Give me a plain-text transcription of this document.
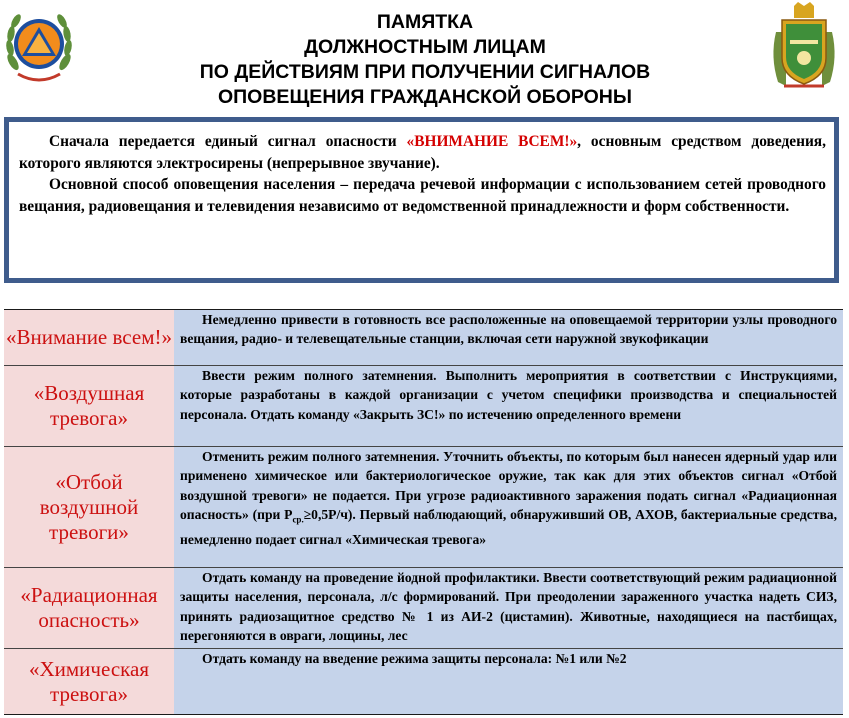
ПАМЯТКА
ДОЛЖНОСТНЫМ ЛИЦАМ
ПО ДЕЙСТВИЯМ ПРИ ПОЛУЧЕНИИ СИГНАЛОВ
ОПОВЕЩЕНИЯ ГРАЖДАНСКОЙ ОБОРОНЫ

Сначала передается единый сигнал опасности «ВНИМАНИЕ ВСЕМ!», основным средством доведения, которого являются электросирены (непрерывное звучание).

Основной способ оповещения населения – передача речевой информации с использованием сетей проводного вещания, радиовещания и телевидения независимо от ведомственной принадлежности и форм собственности.

«Внимание всем!»
Немедленно привести в готовность все расположенные на оповещаемой территории узлы проводного вещания, радио- и телевещательные станции, включая сети наружной звукофикации
«Воздушная тревога»
Ввести режим полного затемнения. Выполнить мероприятия в соответствии с Инструкциями, которые разработаны в каждой организации с учетом специфики производства и специальностей персонала. Отдать команду «Закрыть ЗС!» по истечению определенного времени
«Отбой воздушной тревоги»
Отменить режим полного затемнения. Уточнить объекты, по которым был нанесен ядерный удар или применено химическое или бактериологическое оружие, так как для этих объектов сигнал «Отбой воздушной тревоги» не подается. При угрозе радиоактивного заражения подать сигнал «Радиационная опасность» (при $Р_{ср.}\ge 0,5Р/ч$). Первый наблюдающий, обнаруживший ОВ, АХОВ, бактериальные средства, немедленно подает сигнал «Химическая тревога»
«Радиационная опасность»
Отдать команду на проведение йодной профилактики. Ввести соответствующий режим радиационной защиты населения, персонала, л/с формирований. При преодолении зараженного участка надеть СИЗ, принять радиозащитное средство № 1 из АИ-2 (цистамин). Животные, находящиеся на пастбищах, перегоняются в овраги, лощины, лес
«Химическая тревога»
Отдать команду на введение режима защиты персонала: №1 или №2
